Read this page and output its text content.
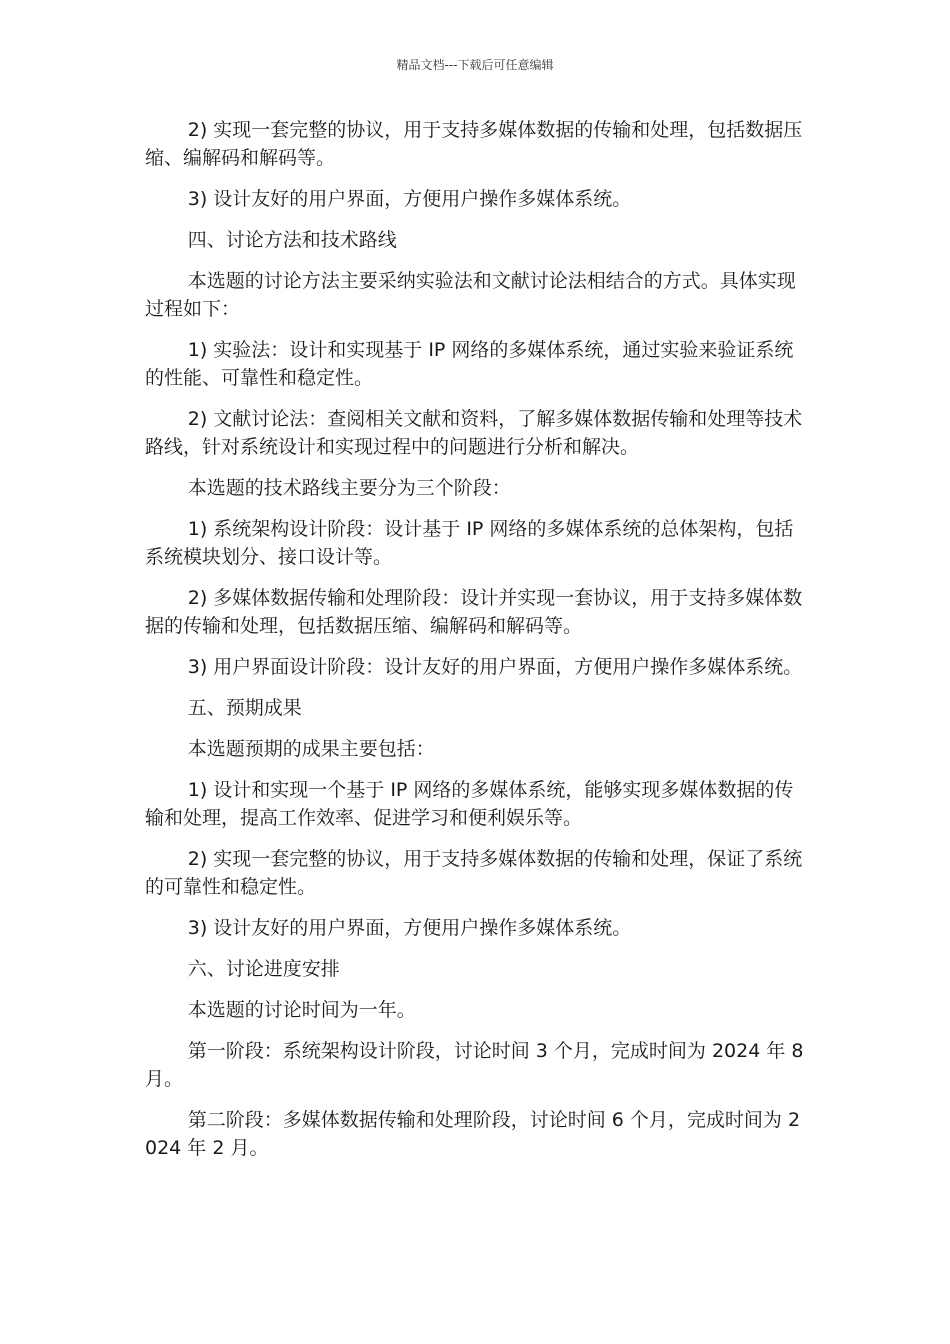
精品文档---下载后可任意编辑

2) 实现一套完整的协议，用于支持多媒体数据的传输和处理，包括数据压缩、编解码和解码等。

3) 设计友好的用户界面，方便用户操作多媒体系统。

四、讨论方法和技术路线

本选题的讨论方法主要采纳实验法和文献讨论法相结合的方式。具体实现过程如下：

1) 实验法：设计和实现基于 IP 网络的多媒体系统，通过实验来验证系统的性能、可靠性和稳定性。

2) 文献讨论法：查阅相关文献和资料，了解多媒体数据传输和处理等技术路线，针对系统设计和实现过程中的问题进行分析和解决。

本选题的技术路线主要分为三个阶段：

1) 系统架构设计阶段：设计基于 IP 网络的多媒体系统的总体架构，包括系统模块划分、接口设计等。

2) 多媒体数据传输和处理阶段：设计并实现一套协议，用于支持多媒体数据的传输和处理，包括数据压缩、编解码和解码等。

3) 用户界面设计阶段：设计友好的用户界面，方便用户操作多媒体系统。

五、预期成果

本选题预期的成果主要包括：

1) 设计和实现一个基于 IP 网络的多媒体系统，能够实现多媒体数据的传输和处理，提高工作效率、促进学习和便利娱乐等。

2) 实现一套完整的协议，用于支持多媒体数据的传输和处理，保证了系统的可靠性和稳定性。

3) 设计友好的用户界面，方便用户操作多媒体系统。

六、讨论进度安排

本选题的讨论时间为一年。

第一阶段：系统架构设计阶段，讨论时间 3 个月，完成时间为 2024 年 8 月。

第二阶段：多媒体数据传输和处理阶段，讨论时间 6 个月，完成时间为 2024 年 2 月。
